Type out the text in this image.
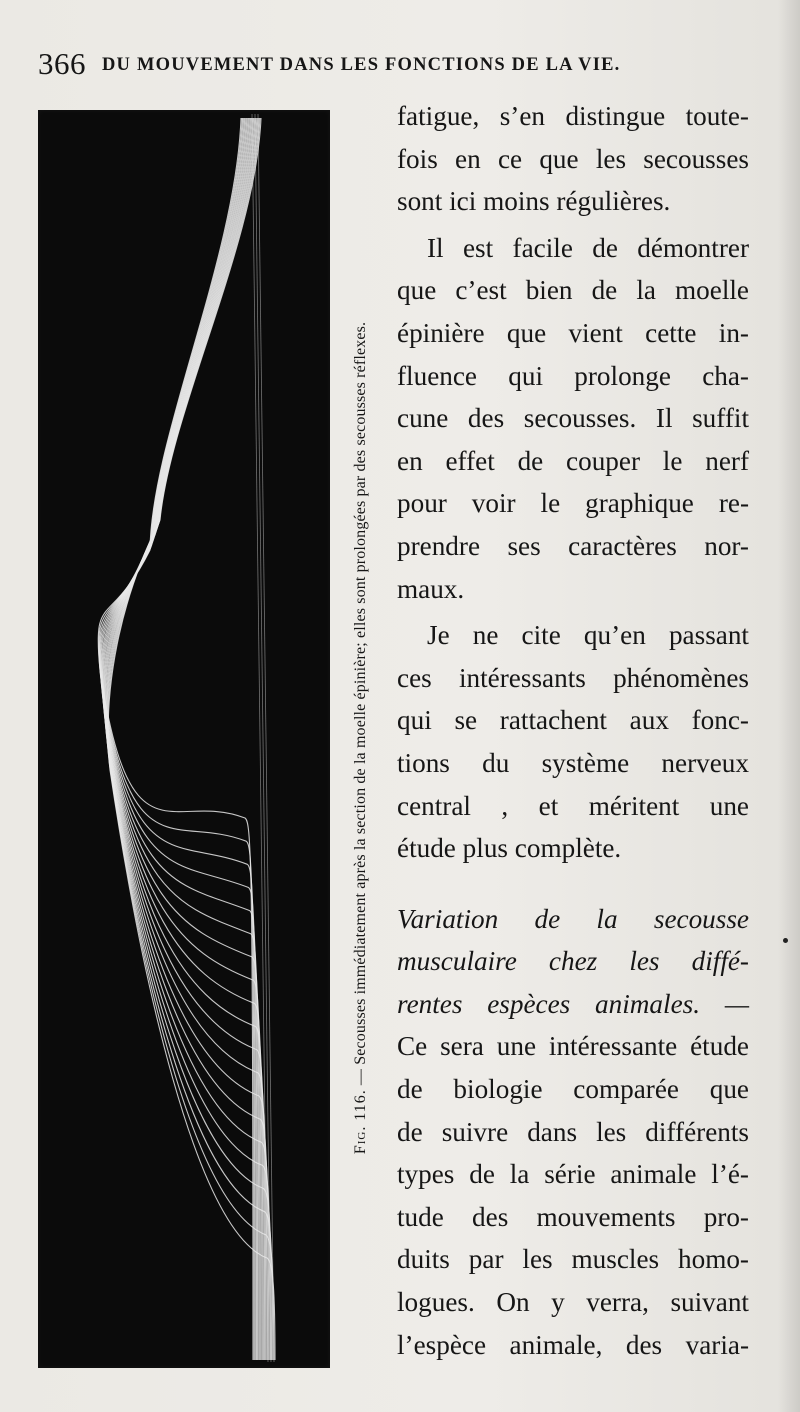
366 DU MOUVEMENT DANS LES FONCTIONS DE LA VIE.
Fig. 116. — Secousses immédiatement après la section de la moelle épinière; elles sont prolongées par des secousses réflexes.
fatigue, s’en distingue toute-
fois en ce que les secousses
sont ici moins régulières.
Il est facile de démontrer
que c’est bien de la moelle
épinière que vient cette in-
fluence qui prolonge cha-
cune des secousses. Il suffit
en effet de couper le nerf
pour voir le graphique re-
prendre ses caractères nor-
maux.
Je ne cite qu’en passant
ces intéressants phénomènes
qui se rattachent aux fonc-
tions du système nerveux
central , et méritent une
étude plus complète.
Variation de la secousse
musculaire chez les diffé-
rentes espèces animales. —
Ce sera une intéressante étude
de biologie comparée que
de suivre dans les différents
types de la série animale l’é-
tude des mouvements pro-
duits par les muscles homo-
logues. On y verra, suivant
l’espèce animale, des varia-
